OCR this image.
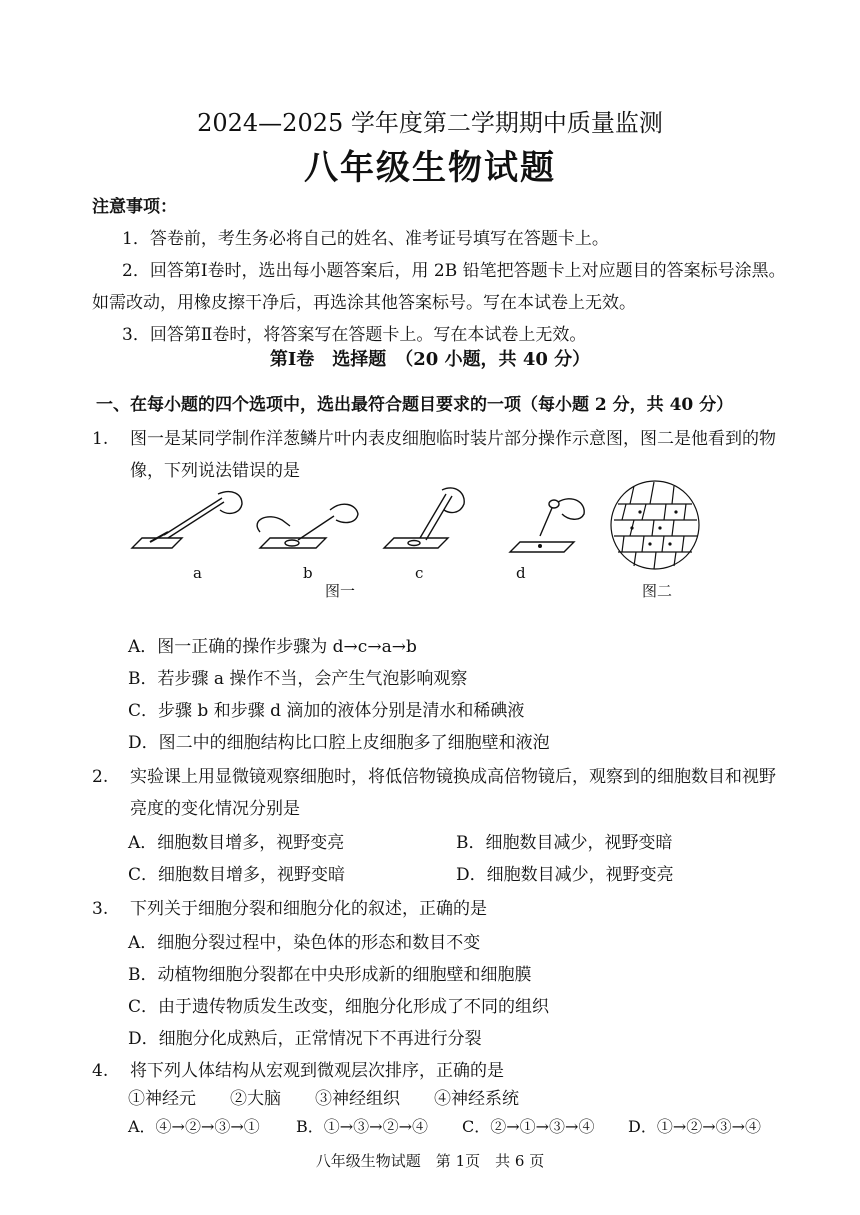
2024—2025 学年度第二学期期中质量监测
八年级生物试题
注意事项：
1．答卷前，考生务必将自己的姓名、准考证号填写在答题卡上。
2．回答第Ⅰ卷时，选出每小题答案后，用 2B 铅笔把答题卡上对应题目的答案标号涂黑。
如需改动，用橡皮擦干净后，再选涂其他答案标号。写在本试卷上无效。
3．回答第Ⅱ卷时，将答案写在答题卡上。写在本试卷上无效。
第Ⅰ卷　选择题　（20 小题，共 40 分）
一、在每小题的四个选项中，选出最符合题目要求的一项（每小题 2 分，共 40 分）
1. 图一是某同学制作洋葱鳞片叶内表皮细胞临时装片部分操作示意图，图二是他看到的物
像，下列说法错误的是
a	b	c	d
图一	图二
A．图一正确的操作步骤为 d→c→a→b
B．若步骤 a 操作不当，会产生气泡影响观察
C．步骤 b 和步骤 d 滴加的液体分别是清水和稀碘液
D．图二中的细胞结构比口腔上皮细胞多了细胞壁和液泡
2. 实验课上用显微镜观察细胞时，将低倍物镜换成高倍物镜后，观察到的细胞数目和视野
亮度的变化情况分别是
A．细胞数目增多，视野变亮	B．细胞数目减少，视野变暗
C．细胞数目增多，视野变暗	D．细胞数目减少，视野变亮
3. 下列关于细胞分裂和细胞分化的叙述，正确的是
A．细胞分裂过程中，染色体的形态和数目不变
B．动植物细胞分裂都在中央形成新的细胞壁和细胞膜
C．由于遗传物质发生改变，细胞分化形成了不同的组织
D．细胞分化成熟后，正常情况下不再进行分裂
4. 将下列人体结构从宏观到微观层次排序，正确的是
①神经元　　②大脑　　③神经组织　　④神经系统
A．④→②→③→① B．①→③→②→④ C．②→①→③→④ D．①→②→③→④
八年级生物试题　第 1页　共 6 页
